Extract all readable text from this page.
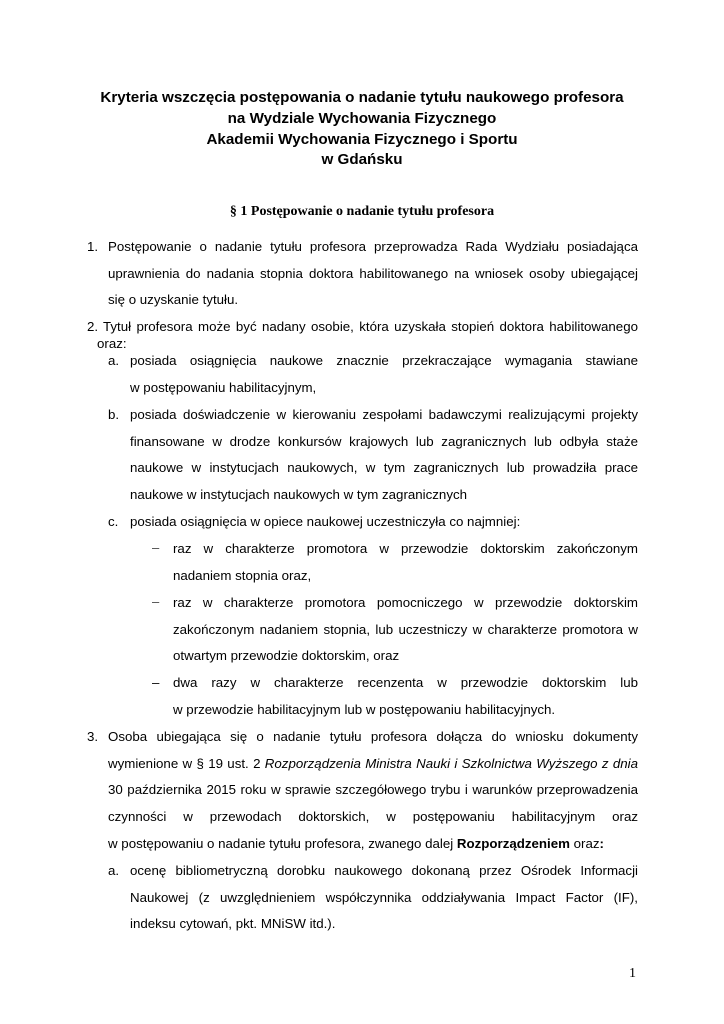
Kryteria wszczęcia postępowania o nadanie tytułu naukowego profesora
na Wydziale Wychowania Fizycznego
Akademii Wychowania Fizycznego i Sportu
w Gdańsku
§ 1 Postępowanie o nadanie tytułu profesora
1. Postępowanie o nadanie tytułu profesora przeprowadza Rada Wydziału posiadająca
uprawnienia do nadania stopnia doktora habilitowanego na wniosek osoby ubiegającej
się o uzyskanie tytułu.
2. Tytuł profesora może być nadany osobie, która uzyskała stopień doktora habilitowanego
oraz:
a. posiada osiągnięcia naukowe znacznie przekraczające wymagania stawiane
w postępowaniu habilitacyjnym,
b. posiada doświadczenie w kierowaniu zespołami badawczymi realizującymi projekty
finansowane w drodze konkursów krajowych lub zagranicznych lub odbyła staże
naukowe w instytucjach naukowych, w tym zagranicznych lub prowadziła prace
naukowe w instytucjach naukowych w tym zagranicznych
c. posiada osiągnięcia w opiece naukowej uczestniczyła co najmniej:
– raz w charakterze promotora w przewodzie doktorskim zakończonym
nadaniem stopnia oraz,
– raz w charakterze promotora pomocniczego w przewodzie doktorskim
zakończonym nadaniem stopnia, lub uczestniczy w charakterze promotora w
otwartym przewodzie doktorskim, oraz
– dwa razy w charakterze recenzenta w przewodzie doktorskim lub
w przewodzie habilitacyjnym lub w postępowaniu habilitacyjnych.
3. Osoba ubiegająca się o nadanie tytułu profesora dołącza do wniosku dokumenty
wymienione w § 19 ust. 2 Rozporządzenia Ministra Nauki i Szkolnictwa Wyższego z dnia
30 października 2015 roku w sprawie szczegółowego trybu i warunków przeprowadzenia
czynności w przewodach doktorskich, w postępowaniu habilitacyjnym oraz
w postępowaniu o nadanie tytułu profesora, zwanego dalej Rozporządzeniem oraz:
a. ocenę bibliometryczną dorobku naukowego dokonaną przez Ośrodek Informacji
Naukowej (z uwzględnieniem współczynnika oddziaływania Impact Factor (IF),
indeksu cytowań, pkt. MNiSW itd.).
1
